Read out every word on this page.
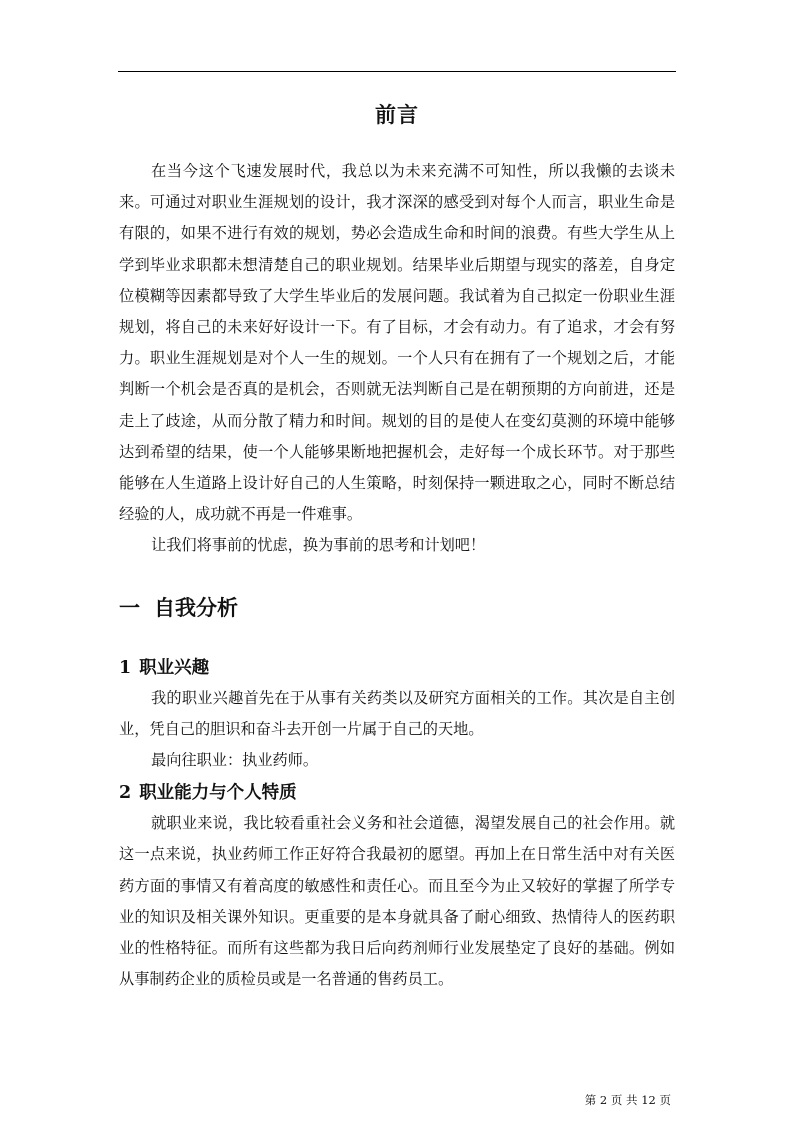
前言

在当今这个飞速发展时代，我总以为未来充满不可知性，所以我懒的去谈未来。可通过对职业生涯规划的设计，我才深深的感受到对每个人而言，职业生命是有限的，如果不进行有效的规划，势必会造成生命和时间的浪费。有些大学生从上学到毕业求职都未想清楚自己的职业规划。结果毕业后期望与现实的落差，自身定位模糊等因素都导致了大学生毕业后的发展问题。我试着为自己拟定一份职业生涯规划，将自己的未来好好设计一下。有了目标，才会有动力。有了追求，才会有努力。职业生涯规划是对个人一生的规划。一个人只有在拥有了一个规划之后，才能判断一个机会是否真的是机会，否则就无法判断自己是在朝预期的方向前进，还是走上了歧途，从而分散了精力和时间。规划的目的是使人在变幻莫测的环境中能够达到希望的结果，使一个人能够果断地把握机会，走好每一个成长环节。对于那些能够在人生道路上设计好自己的人生策略，时刻保持一颗进取之心，同时不断总结经验的人，成功就不再是一件难事。

让我们将事前的忧虑，换为事前的思考和计划吧！

一 自我分析
1 职业兴趣

我的职业兴趣首先在于从事有关药类以及研究方面相关的工作。其次是自主创业，凭自己的胆识和奋斗去开创一片属于自己的天地。

最向往职业：执业药师。

2 职业能力与个人特质

就职业来说，我比较看重社会义务和社会道德，渴望发展自己的社会作用。就这一点来说，执业药师工作正好符合我最初的愿望。再加上在日常生活中对有关医药方面的事情又有着高度的敏感性和责任心。而且至今为止又较好的掌握了所学专业的知识及相关课外知识。更重要的是本身就具备了耐心细致、热情待人的医药职业的性格特征。而所有这些都为我日后向药剂师行业发展垫定了良好的基础。例如从事制药企业的质检员或是一名普通的售药员工。

第 2 页 共 12 页
